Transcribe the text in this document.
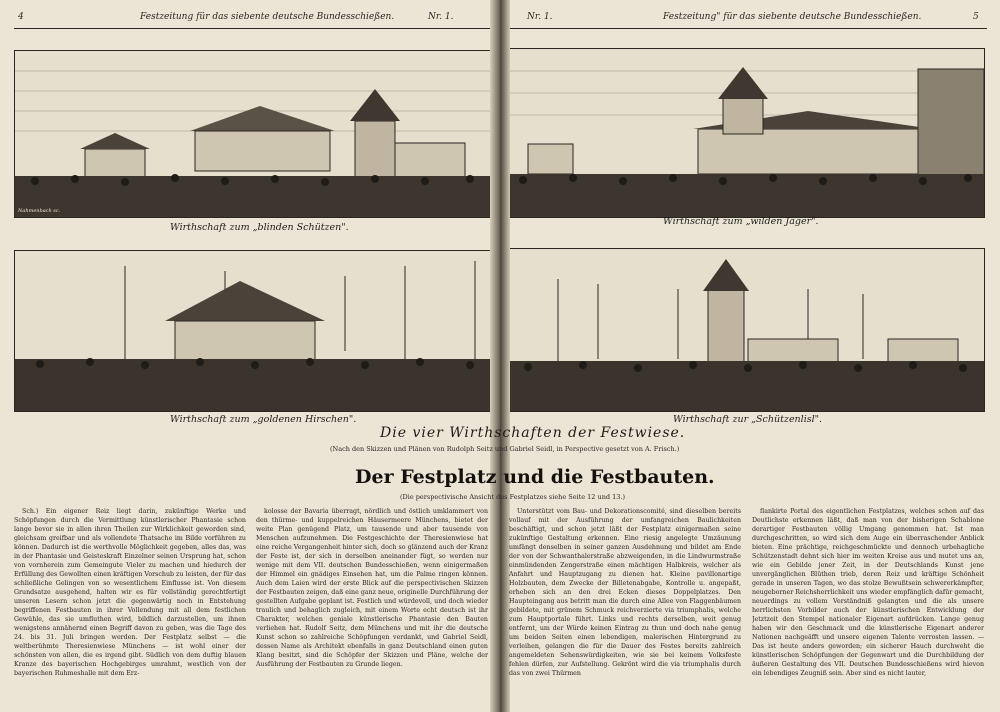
4	Festzeitung für das siebente deutsche Bundesschießen.	Nr. 1.
Wirthschaft zum „blinden Schützen".
Wirthschaft zum „goldenen Hirschen".
Nr. 1.	Festzeitung" für das siebente deutsche Bundesschießen.	5
Wirthschaft zum „wilden Jäger".
Wirthschaft zur „Schützenlisl".
Nahmenbach sc.
Die vier Wirthschaften der Festwiese.
(Nach den Skizzen und Plänen von Rudolph Seitz und Gabriel Seidl, in Perspective gesetzt von A. Frisch.)
Der Festplatz und die Festbauten.
(Die perspectivische Ansicht des Festplatzes siehe Seite 12 und 13.)

Sch.) Ein eigener Reiz liegt darin, zukünftige Werke und Schöpfungen durch die Vermittlung künstlerischer Phantasie schon lange bevor sie in allen ihren Theilen zur Wirklichkeit geworden sind, gleichsam greifbar und als vollendete Thatsache im Bilde vorführen zu können. Dadurch ist die werthvolle Möglichkeit gegeben, alles das, was in der Phantasie und Geisteskraft Einzelner seinen Ursprung hat, schon von vornherein zum Gemeingute Vieler zu machen und hiedurch der Erfüllung des Gewollten einen kräftigen Vorschub zu leisten, der für das schließliche Gelingen von so wesentlichem Einflusse ist. Von diesem Grundsatze ausgehend, halten wir es für vollständig gerechtfertigt unseren Lesern schon jetzt die gegenwärtig noch in Entstehung begriffenen Festbauten in ihrer Vollendung mit all dem festlichen Gewühle, das sie umfluthen wird, bildlich darzustellen, um ihnen wenigstens annähernd einen Begriff davon zu geben, was die Tage des 24. bis 31. Juli bringen werden. Der Festplatz selbst — die weltberühmte Theresienwiese Münchens — ist wohl einer der schönsten von allen, die es irgend gibt. Südlich von dem duftig blauen Kranze des bayerischen Hochgebirges umrahmt, westlich von der bayerischen Ruhmeshalle mit dem Erz-

kolosse der Bavaria überragt, nördlich und östlich umklammert von den thürme- und kuppelreichen Häusermeere Münchens, bietet der weite Plan genügend Platz, um tausende und aber tausende von Menschen aufzunehmen. Die Festgeschichte der Theresienwiese hat eine reiche Vergangenheit hinter sich, doch so glänzend auch der Kranz der Feste ist, der sich in derselben aneinander fügt, so werden nur wenige mit dem VII. deutschen Bundesschießen, wenn einigermaßen der Himmel ein gnädiges Einsehen hat, um die Palme ringen können. Auch dem Laien wird der erste Blick auf die perspectivischen Skizzen der Festbauten zeigen, daß eine ganz neue, originelle Durchführung der gestellten Aufgabe geplant ist. Festlich und würdevoll, und doch wieder traulich und behaglich zugleich, mit einem Worte echt deutsch ist ihr Charakter, welchen geniale künstlerische Phantasie den Bauten verliehen hat. Rudolf Seitz, dem Münchens und mit ihr die deutsche Kunst schon so zahlreiche Schöpfungen verdankt, und Gabriel Seidl, dessen Name als Architekt ebenfalls in ganz Deutschland einen guten Klang besitzt, sind die Schöpfer der Skizzen und Pläne, welche der Ausführung der Festbauten zu Grunde liegen.

Unterstützt vom Bau- und Dekorationscomité, sind dieselben bereits vollauf mit der Ausführung der umfangreichen Baulichkeiten beschäftigt, und schon jetzt läßt der Festplatz einigermaßen seine zukünftige Gestaltung erkennen. Eine riesig angelegte Umzäunung umfängt denselben in seiner ganzen Ausdehnung und bildet am Ende der von der Schwanthalerstraße abzweigenden, in die Lindwurmstraße einmündenden Zengerstraße einen mächtigen Halbkreis, welcher als Anfahrt und Hauptzugang zu dienen hat. Kleine pavillonartige Holzbauten, dem Zwecke der Billetenabgabe, Kontrolle u. angepaßt, erheben sich an den drei Ecken dieses Doppelplatzes. Den Haupteingang aus betritt man die durch eine Allee von Flaggenbäumen gebildete, mit grünem Schmuck reichverzierte via triumphalis, welche zum Hauptportale führt. Links und rechts derselben, weit genug entfernt, um der Würde keinen Eintrag zu thun und doch nahe genug um beiden Seiten einen lebendigen, malerischen Hintergrund zu verleihen, gelangen die für die Dauer des Festes bereits zahlreich angemeldeten Sehenswürdigkeiten, wie sie bei keinem Volksfeste fehlen dürfen, zur Aufstellung. Gekrönt wird die via triumphalis durch das von zwei Thürmen

flankirte Portal des eigentlichen Festplatzes, welches schon auf das Deutlichste erkennen läßt, daß man von der bisherigen Schablone derartiger Festbauten völlig Umgang genommen hat. Ist man durchgeschritten, so wird sich dem Auge ein überraschender Anblick bieten. Eine prächtige, reichgeschmückte und dennoch urbehagliche Schützenstadt dehnt sich hier im weiten Kreise aus und mutet uns an, wie ein Gebilde jener Zeit, in der Deutschlands Kunst jene unvergänglichen Blüthen trieb, deren Reiz und kräftige Schönheit gerade in unseren Tagen, wo das stolze Bewußtsein schwererkämpfter, neugeborner Reichsherrlichkeit uns wieder empfänglich dafür gemacht, neuerdings zu vollem Verständniß gelangten und die als unsere herrlichsten Vorbilder auch der künstlerischen Entwicklung der Jetztzeit den Stempel nationaler Eigenart aufdrücken. Lange genug haben wir den Geschmack und die künstlerische Eigenart anderer Nationen nachgeäfft und unsere eigenen Talente verrosten lassen. — Das ist heute anders geworden; ein sicherer Hauch durchweht die künstlerischen Schöpfungen der Gegenwart und die Durchbildung der äußeren Gestaltung des VII. Deutschen Bundesschießens wird hievon ein lebendiges Zeugniß sein. Aber sind es nicht lauter,
